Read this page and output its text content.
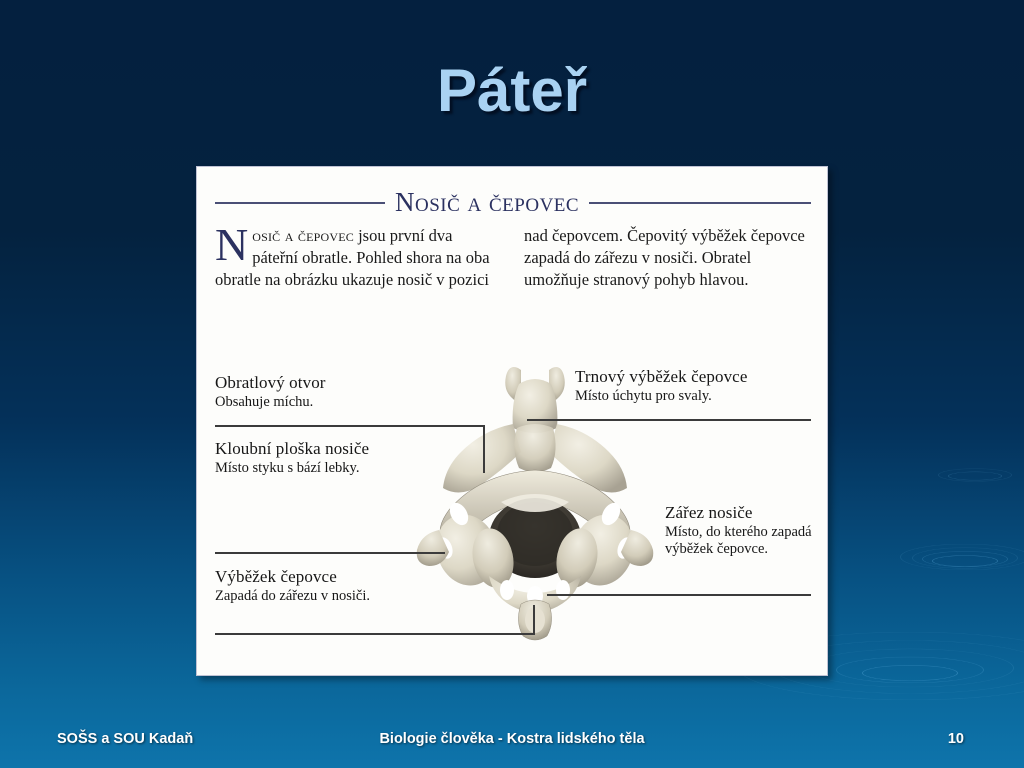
Páteř
Nosič a čepovec
Nosič a čepovec jsou první dva páteřní obratle. Pohled shora na oba obratle na obrázku ukazuje nosič v pozici
nad čepovcem. Čepovitý výběžek čepovce zapadá do zářezu v nosiči. Obratel umožňuje stranový pohyb hlavou.
Obratlový otvor
Obsahuje míchu.
Kloubní ploška nosiče
Místo styku s bází lebky.
Výběžek čepovce
Zapadá do zářezu v nosiči.
Trnový výběžek čepovce
Místo úchytu pro svaly.
Zářez nosiče
Místo, do kterého zapadá výběžek čepovce.
SOŠS a SOU Kadaň	Biologie člověka - Kostra lidského těla	10
